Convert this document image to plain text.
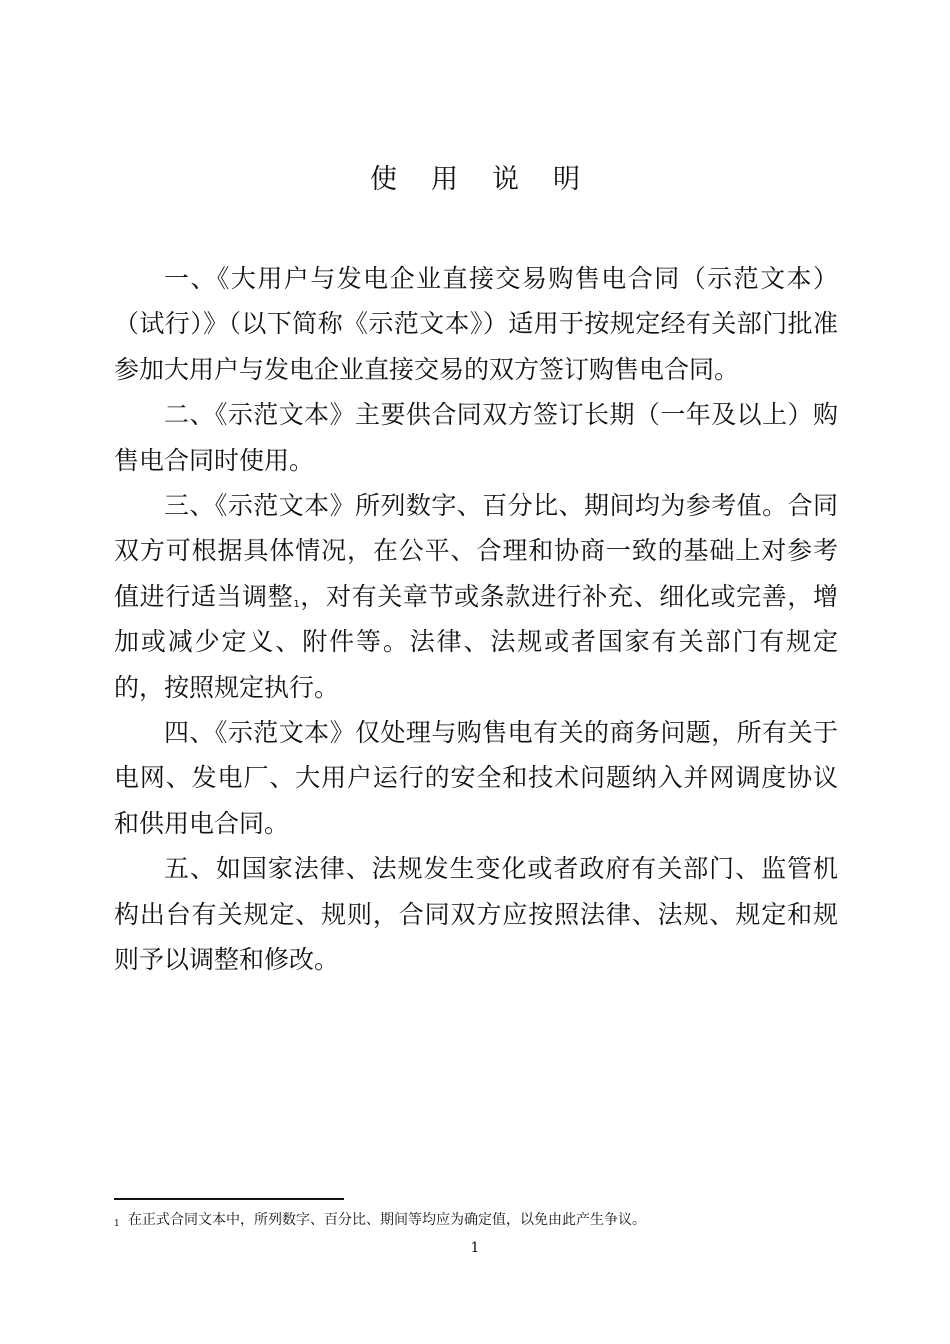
使用说明

一、《大用户与发电企业直接交易购售电合同（示范文本）（试行）》（以下简称《示范文本》）适用于按规定经有关部门批准参加大用户与发电企业直接交易的双方签订购售电合同。

二、《示范文本》主要供合同双方签订长期（一年及以上）购售电合同时使用。

三、《示范文本》所列数字、百分比、期间均为参考值。合同双方可根据具体情况，在公平、合理和协商一致的基础上对参考值进行适当调整1，对有关章节或条款进行补充、细化或完善，增加或减少定义、附件等。法律、法规或者国家有关部门有规定的，按照规定执行。

四、《示范文本》仅处理与购售电有关的商务问题，所有关于电网、发电厂、大用户运行的安全和技术问题纳入并网调度协议和供用电合同。

五、如国家法律、法规发生变化或者政府有关部门、监管机构出台有关规定、规则，合同双方应按照法律、法规、规定和规则予以调整和修改。

1 在正式合同文本中，所列数字、百分比、期间等均应为确定值，以免由此产生争议。
1
